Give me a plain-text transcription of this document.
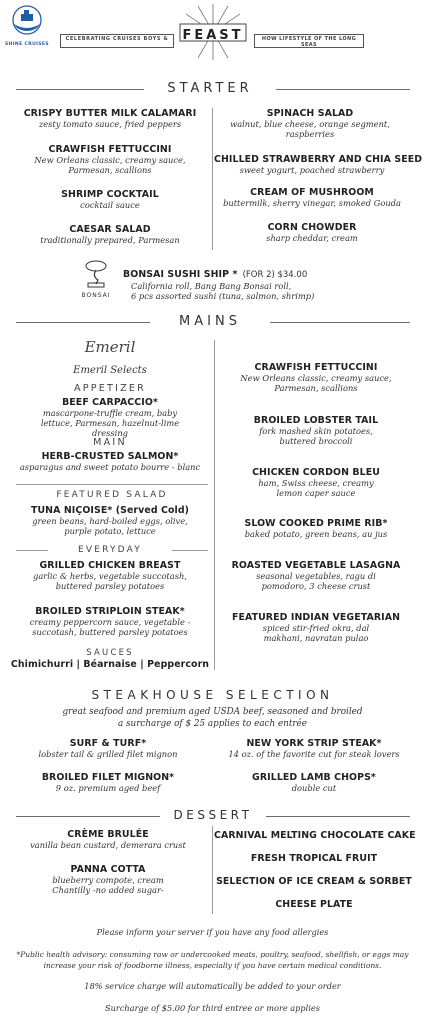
SHINE CRUISES
CELEBRATING CRUISES BOYS &	FEAST	HOW LIFESTYLE OF THE LONG SEAS
STARTER
CRISPY BUTTER MILK CALAMARI
zesty tomato sauce, fried peppers
CRAWFISH FETTUCCINI
New Orleans classic, creamy sauce, Parmesan, scallions
SHRIMP COCKTAIL
cocktail sauce
CAESAR SALAD
traditionally prepared, Parmesan
SPINACH SALAD
walnut, blue cheese, orange segment, raspberries
CHILLED STRAWBERRY AND CHIA SEED
sweet yogurt, poached strawberry
CREAM OF MUSHROOM
buttermilk, sherry vinegar, smoked Gouda
CORN CHOWDER
sharp cheddar, cream
BONSAI
BONSAI SUSHI SHIP * (FOR 2) $34.00
California roll, Bang Bang Bonsai roll,
6 pcs assorted sushi (tuna, salmon, shrimp)
MAINS
Emeril
Emeril Selects
APPETIZER
BEEF CARPACCIO*
mascarpone-truffle cream, baby lettuce, Parmesan, hazelnut-lime dressing
MAIN
HERB-CRUSTED SALMON*
asparagus and sweet potato bourre - blanc
FEATURED SALAD
TUNA NIÇOISE* (Served Cold)
green beans, hard-boiled eggs, olive, purple potato, lettuce
EVERYDAY
GRILLED CHICKEN BREAST
garlic & herbs, vegetable succotash, buttered parsley potatoes
BROILED STRIPLOIN STEAK*
creamy peppercorn sauce, vegetable - succotash, buttered parsley potatoes
SAUCES
Chimichurri | Béarnaise | Peppercorn
CRAWFISH FETTUCCINI
New Orleans classic, creamy sauce, Parmesan, scallions
BROILED LOBSTER TAIL
fork mashed skin potatoes, buttered broccoli
CHICKEN CORDON BLEU
ham, Swiss cheese, creamy lemon caper sauce
SLOW COOKED PRIME RIB*
baked potato, green beans, au jus
ROASTED VEGETABLE LASAGNA
seasonal vegetables, ragu di pomodoro, 3 cheese crust
FEATURED INDIAN VEGETARIAN
spiced stir-fried okra, dal makhani, navratan pulao
STEAKHOUSE SELECTION
great seafood and premium aged USDA beef, seasoned and broiled
a surcharge of $ 25 applies to each entrée
SURF & TURF*
lobster tail & grilled filet mignon
BROILED FILET MIGNON*
9 oz. premium aged beef
NEW YORK STRIP STEAK*
14 oz. of the favorite cut for steak lovers
GRILLED LAMB CHOPS*
double cut
DESSERT
CRÈME BRULÉE
vanilla bean custard, demerara crust
PANNA COTTA
blueberry compote, cream Chantilly -no added sugar-
CARNIVAL MELTING CHOCOLATE CAKE
FRESH TROPICAL FRUIT
SELECTION OF ICE CREAM & SORBET
CHEESE PLATE
Please inform your server if you have any food allergies
*Public health advisory: consuming raw or undercooked meats, poultry, seafood, shellfish, or eggs may
increase your risk of foodborne illness, especially if you have certain medical conditions.
18% service charge will automatically be added to your order
Surcharge of $5.00 for third entree or more applies
